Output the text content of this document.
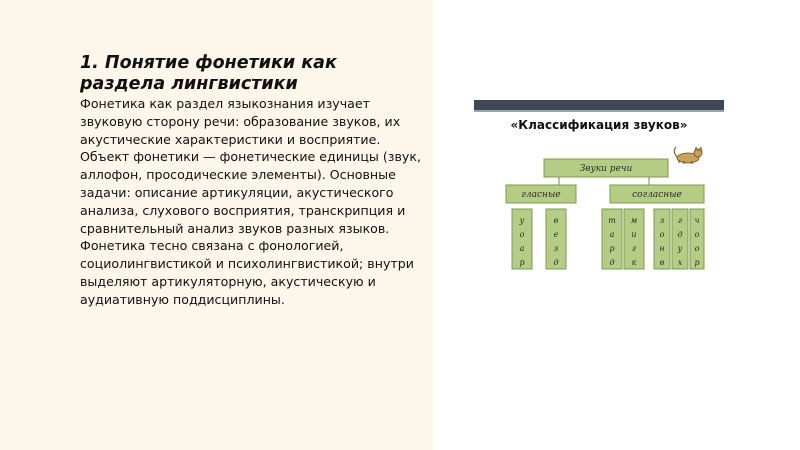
1. Понятие фонетики как раздела лингвистики

Фонетика как раздел языкознания изучает звуковую сторону речи: образование звуков, их акустические характеристики и восприятие. Объект фонетики — фонетические единицы (звук, аллофон, просодические элементы). Основные задачи: описание артикуляции, акустического анализа, слухового восприятия, транскрипция и сравнительный анализ звуков разных языков. Фонетика тесно связана с фонологией, социолингвистикой и психолингвистикой; внутри выделяют артикуляторную, акустическую и аудиативную поддисциплины.

«Классификация звуков»
Звуки речи
гласные	согласные
у
о
а
р
в
е
з
д
т
а
р
д
м
и
г
к
з
о
н
в
г
д
у
х
ч
о
о
р
